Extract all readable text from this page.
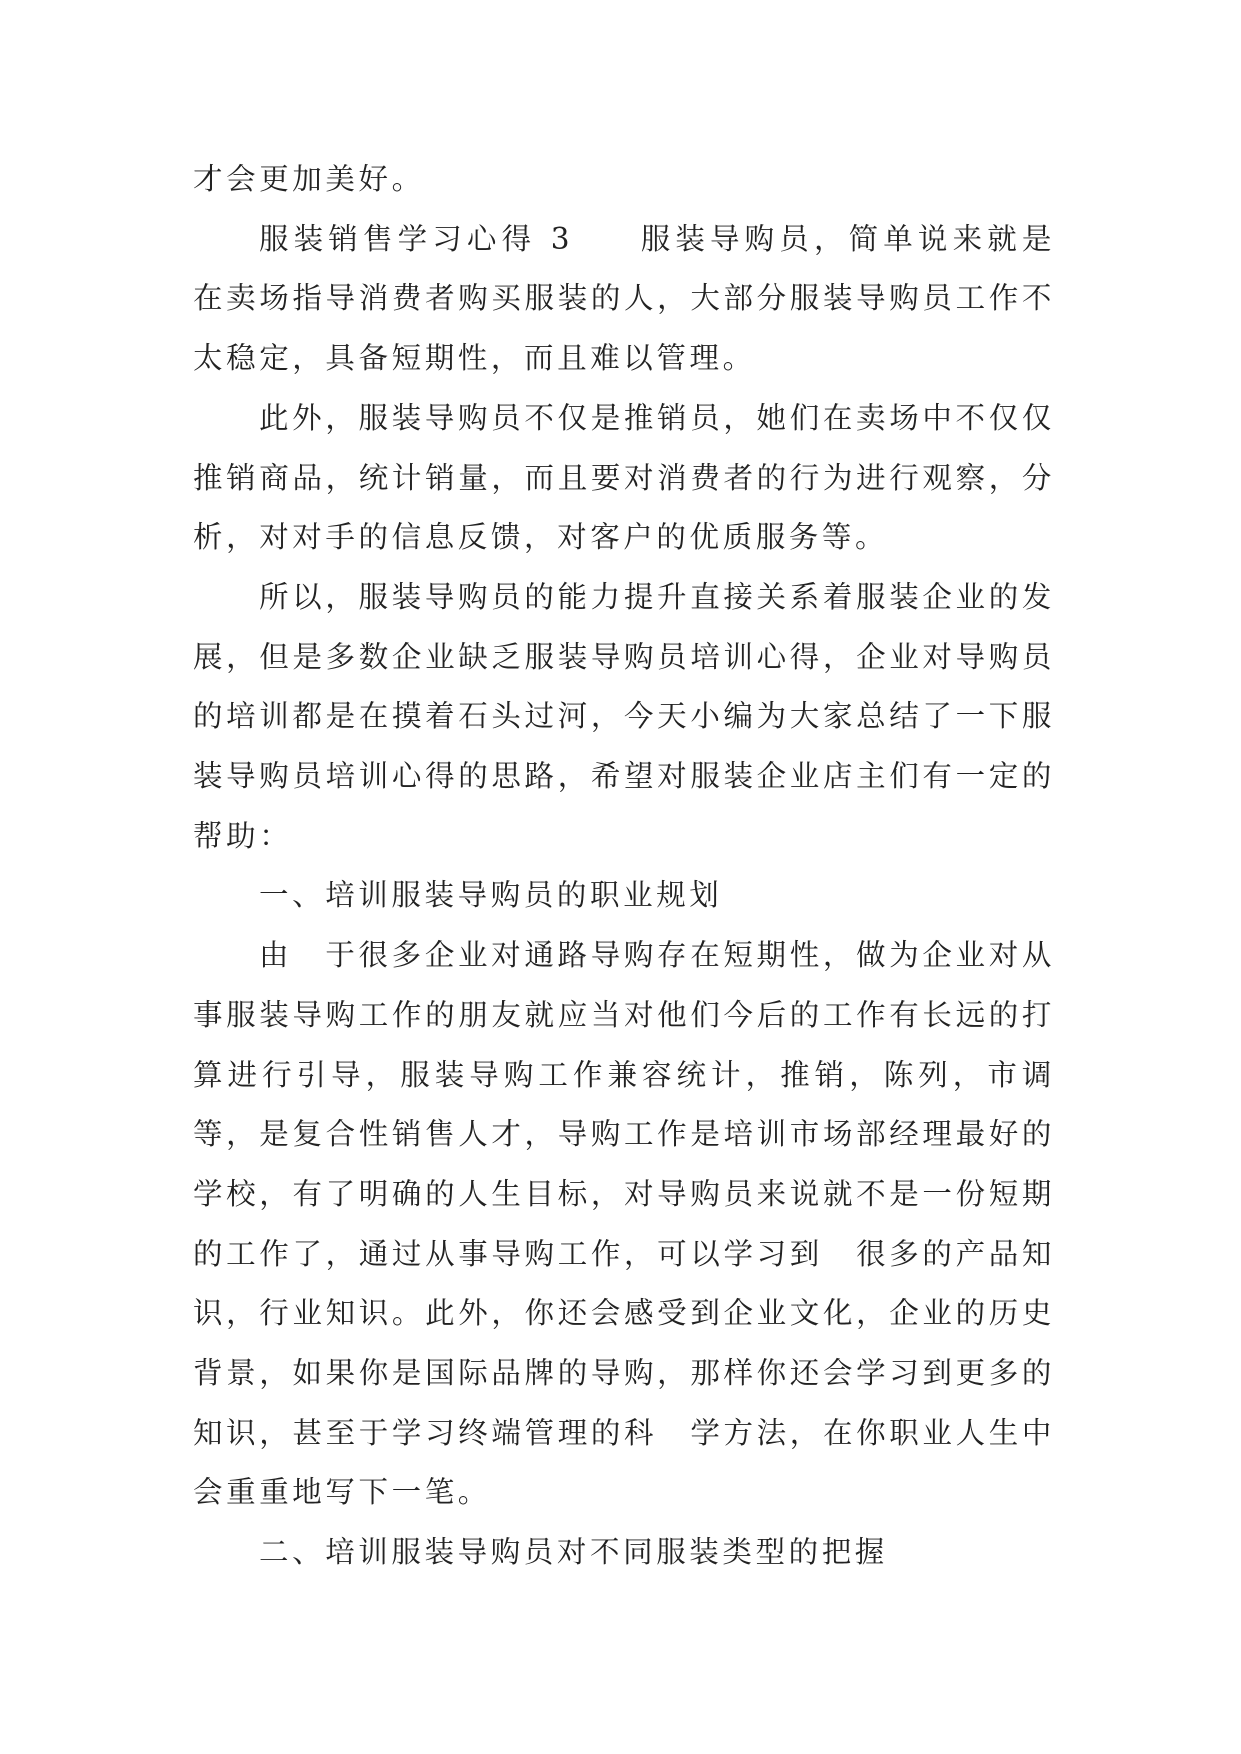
才会更加美好。

服装销售学习心得 3 服装导购员，简单说来就是在卖场指导消费者购买服装的人，大部分服装导购员工作不太稳定，具备短期性，而且难以管理。

此外，服装导购员不仅是推销员，她们在卖场中不仅仅推销商品，统计销量，而且要对消费者的行为进行观察，分析，对对手的信息反馈，对客户的优质服务等。

所以，服装导购员的能力提升直接关系着服装企业的发展，但是多数企业缺乏服装导购员培训心得，企业对导购员的培训都是在摸着石头过河，今天小编为大家总结了一下服装导购员培训心得的思路，希望对服装企业店主们有一定的帮助：

一、培训服装导购员的职业规划

由　于很多企业对通路导购存在短期性，做为企业对从事服装导购工作的朋友就应当对他们今后的工作有长远的打算进行引导，服装导购工作兼容统计，推销，陈列，市调等，是复合性销售人才，导购工作是培训市场部经理最好的学校，有了明确的人生目标，对导购员来说就不是一份短期的工作了，通过从事导购工作，可以学习到　很多的产品知识，行业知识。此外，你还会感受到企业文化，企业的历史背景，如果你是国际品牌的导购，那样你还会学习到更多的知识，甚至于学习终端管理的科　学方法，在你职业人生中会重重地写下一笔。

二、培训服装导购员对不同服装类型的把握
